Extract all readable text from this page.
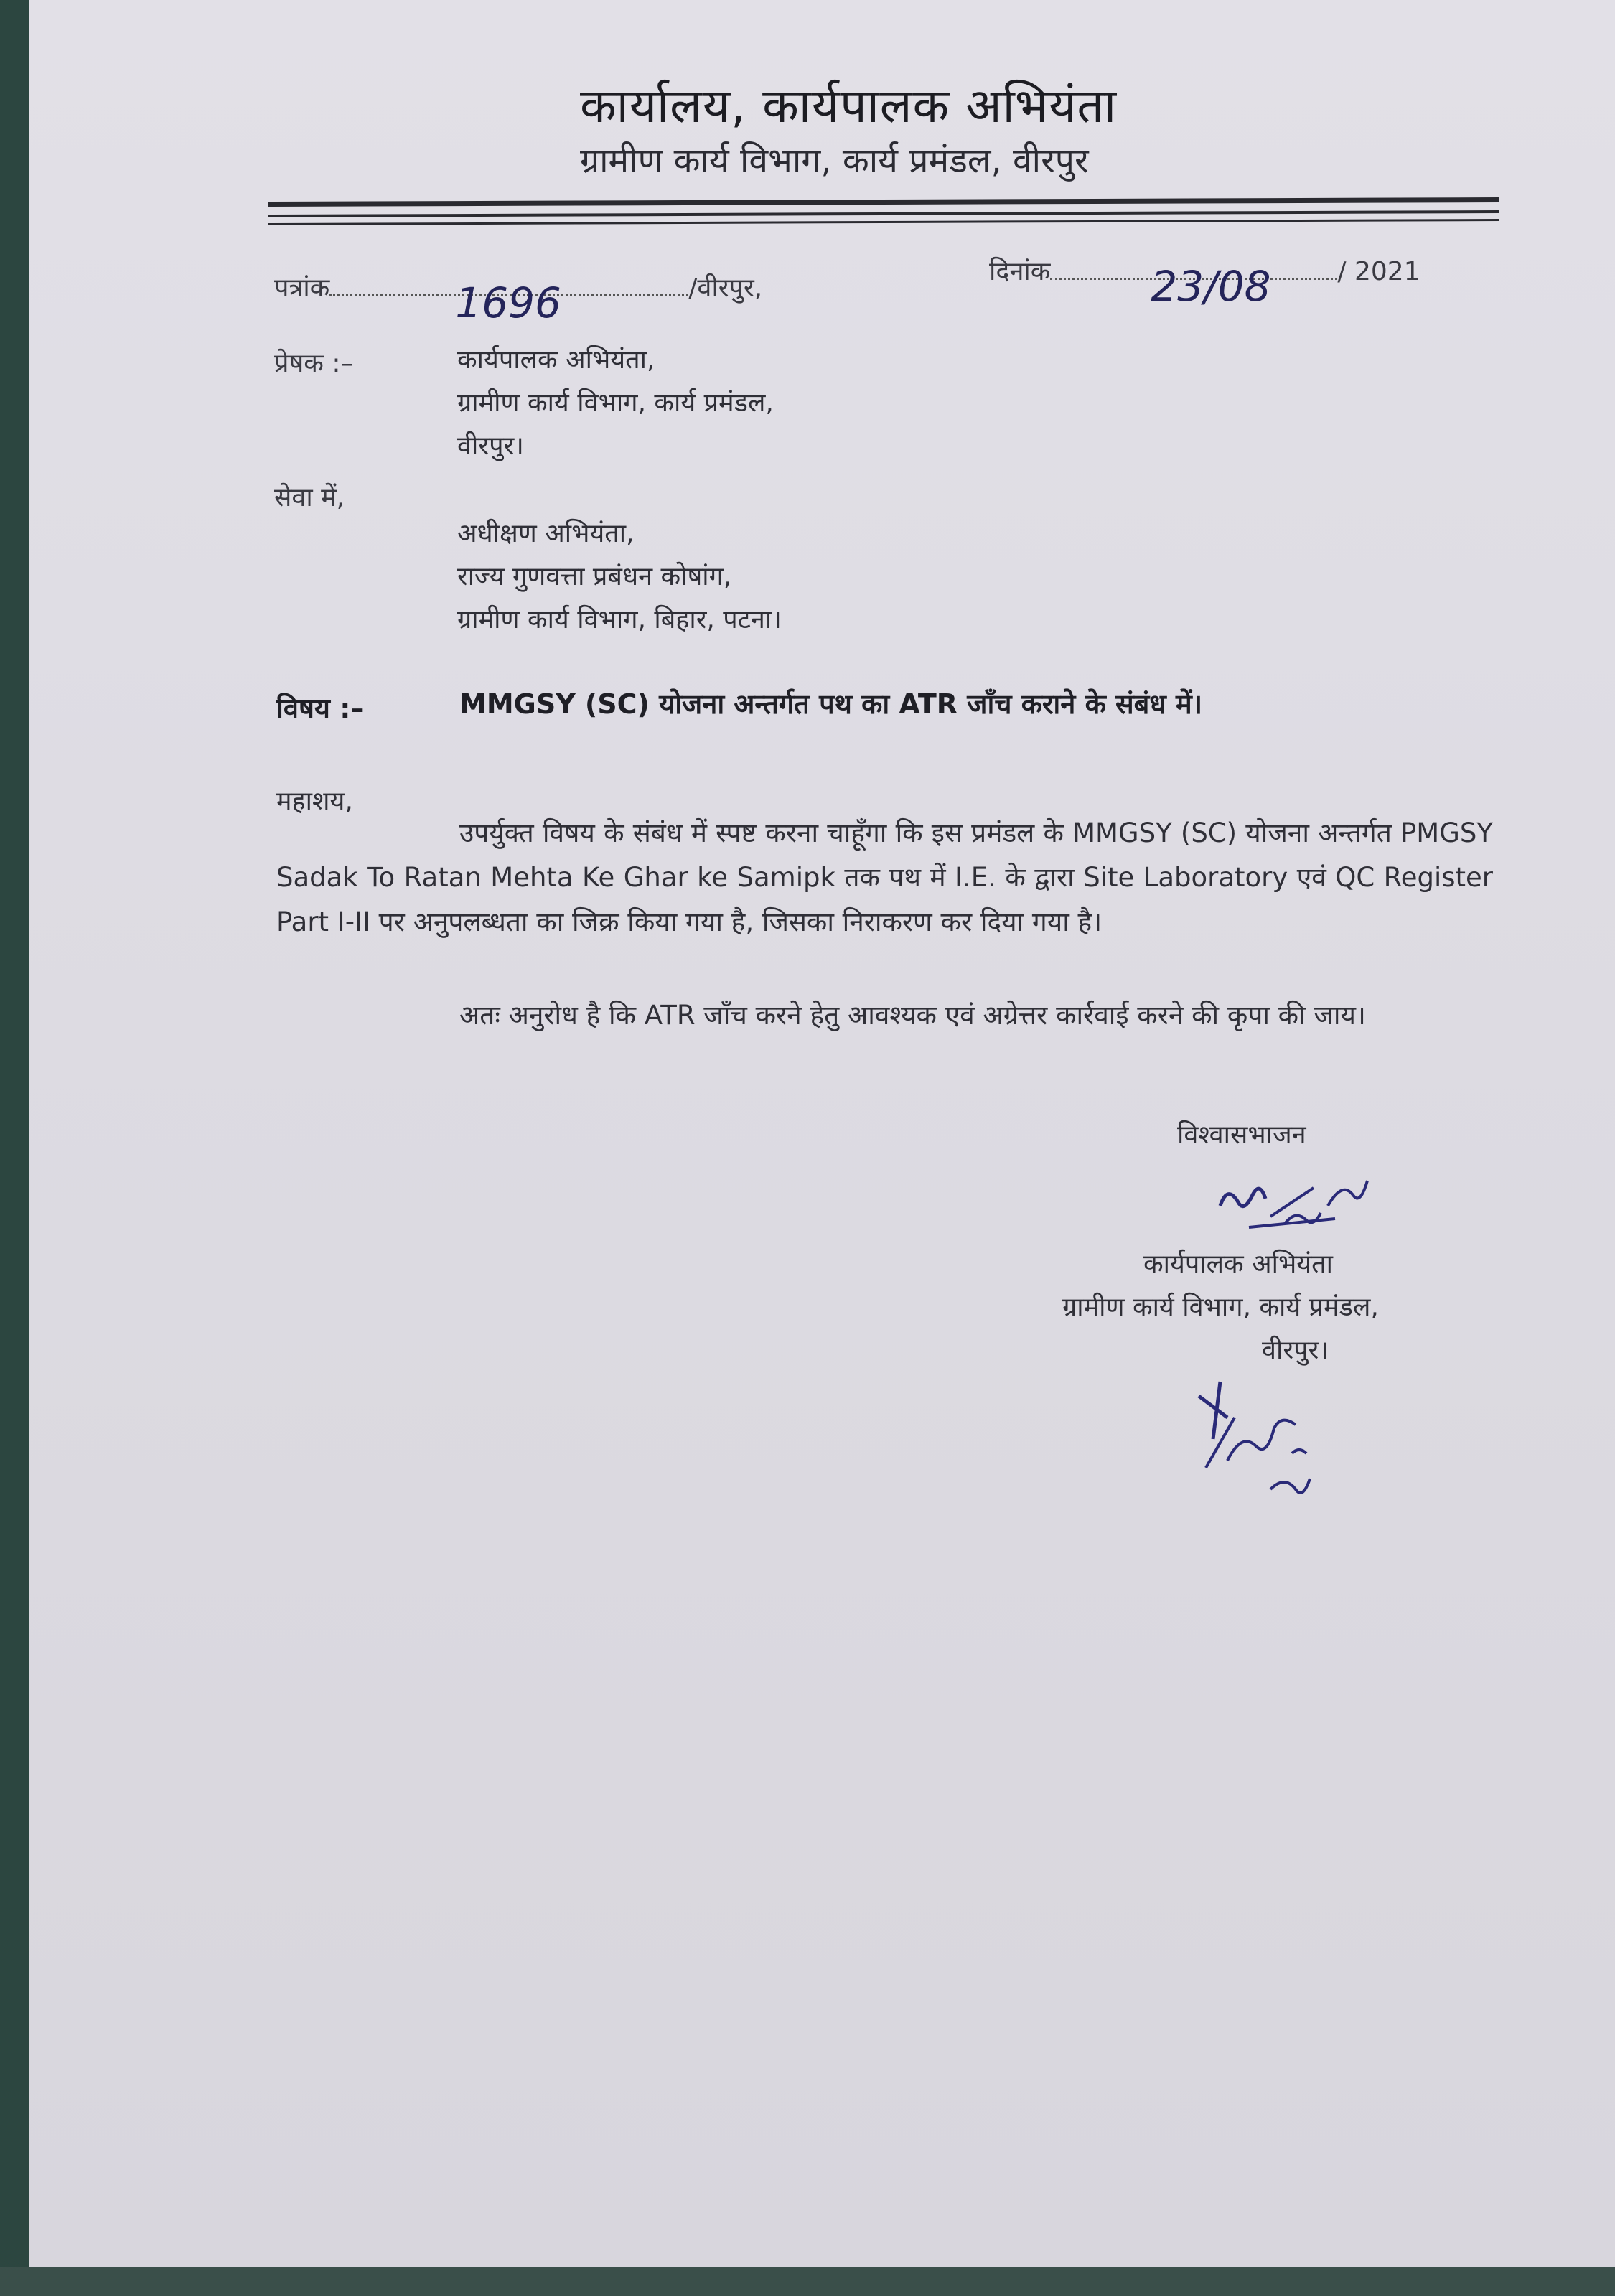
कार्यालय, कार्यपालक अभियंता
ग्रामीण कार्य विभाग, कार्य प्रमंडल, वीरपुर
पत्रांक	1696	/वीरपुर,
दिनांक 23/08	/ 2021
प्रेषक :–	कार्यपालक अभियंता,
ग्रामीण कार्य विभाग, कार्य प्रमंडल,
वीरपुर।
सेवा में,
अधीक्षण अभियंता,
राज्य गुणवत्ता प्रबंधन कोषांग,
ग्रामीण कार्य विभाग, बिहार, पटना।
विषय :–	MMGSY (SC) योजना अन्तर्गत पथ का ATR जाँच कराने के संबंध में।
महाशय,
उपर्युक्त विषय के संबंध में स्पष्ट करना चाहूँगा कि इस प्रमंडल के MMGSY (SC) योजना अन्तर्गत PMGSY Sadak To Ratan Mehta Ke Ghar ke Samipk तक पथ में I.E. के द्वारा Site Laboratory एवं QC Register Part I-II पर अनुपलब्धता का जिक्र किया गया है, जिसका निराकरण कर दिया गया है।
अतः अनुरोध है कि ATR जाँच करने हेतु आवश्यक एवं अग्रेत्तर कार्रवाई करने की कृपा की जाय।
विश्वासभाजन
कार्यपालक अभियंता
ग्रामीण कार्य विभाग, कार्य प्रमंडल,
वीरपुर।
